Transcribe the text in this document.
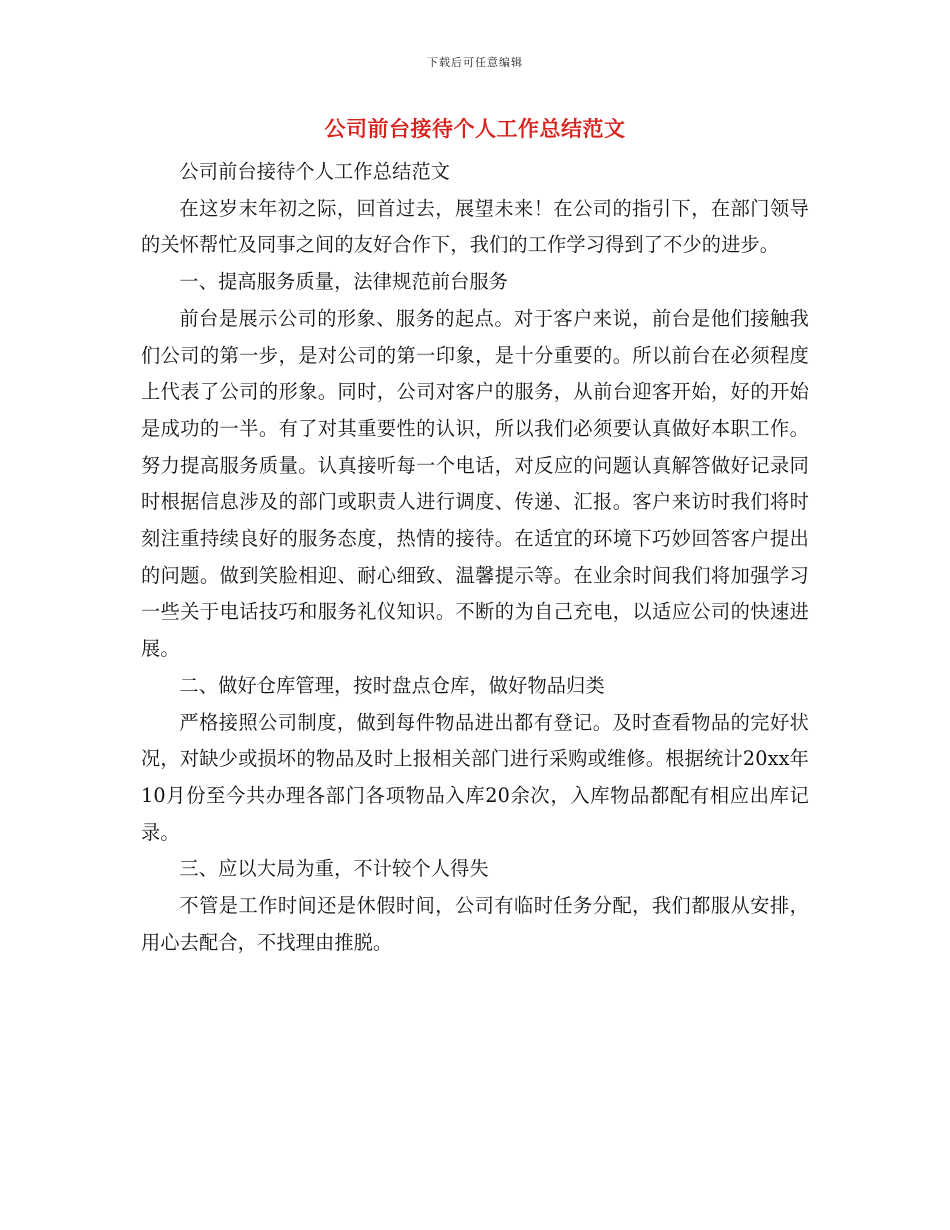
下载后可任意编辑
公司前台接待个人工作总结范文

公司前台接待个人工作总结范文

在这岁末年初之际，回首过去，展望未来！在公司的指引下，在部门领导的关怀帮忙及同事之间的友好合作下，我们的工作学习得到了不少的进步。

一、提高服务质量，法律规范前台服务

前台是展示公司的形象、服务的起点。对于客户来说，前台是他们接触我们公司的第一步，是对公司的第一印象，是十分重要的。所以前台在必须程度上代表了公司的形象。同时，公司对客户的服务，从前台迎客开始，好的开始是成功的一半。有了对其重要性的认识，所以我们必须要认真做好本职工作。努力提高服务质量。认真接听每一个电话，对反应的问题认真解答做好记录同时根据信息涉及的部门或职责人进行调度、传递、汇报。客户来访时我们将时刻注重持续良好的服务态度，热情的接待。在适宜的环境下巧妙回答客户提出的问题。做到笑脸相迎、耐心细致、温馨提示等。在业余时间我们将加强学习一些关于电话技巧和服务礼仪知识。不断的为自己充电，以适应公司的快速进展。

二、做好仓库管理，按时盘点仓库，做好物品归类

严格接照公司制度，做到每件物品进出都有登记。及时查看物品的完好状况，对缺少或损坏的物品及时上报相关部门进行采购或维修。根据统计20xx年10月份至今共办理各部门各项物品入库20余次，入库物品都配有相应出库记录。

三、应以大局为重，不计较个人得失

不管是工作时间还是休假时间，公司有临时任务分配，我们都服从安排，用心去配合，不找理由推脱。
